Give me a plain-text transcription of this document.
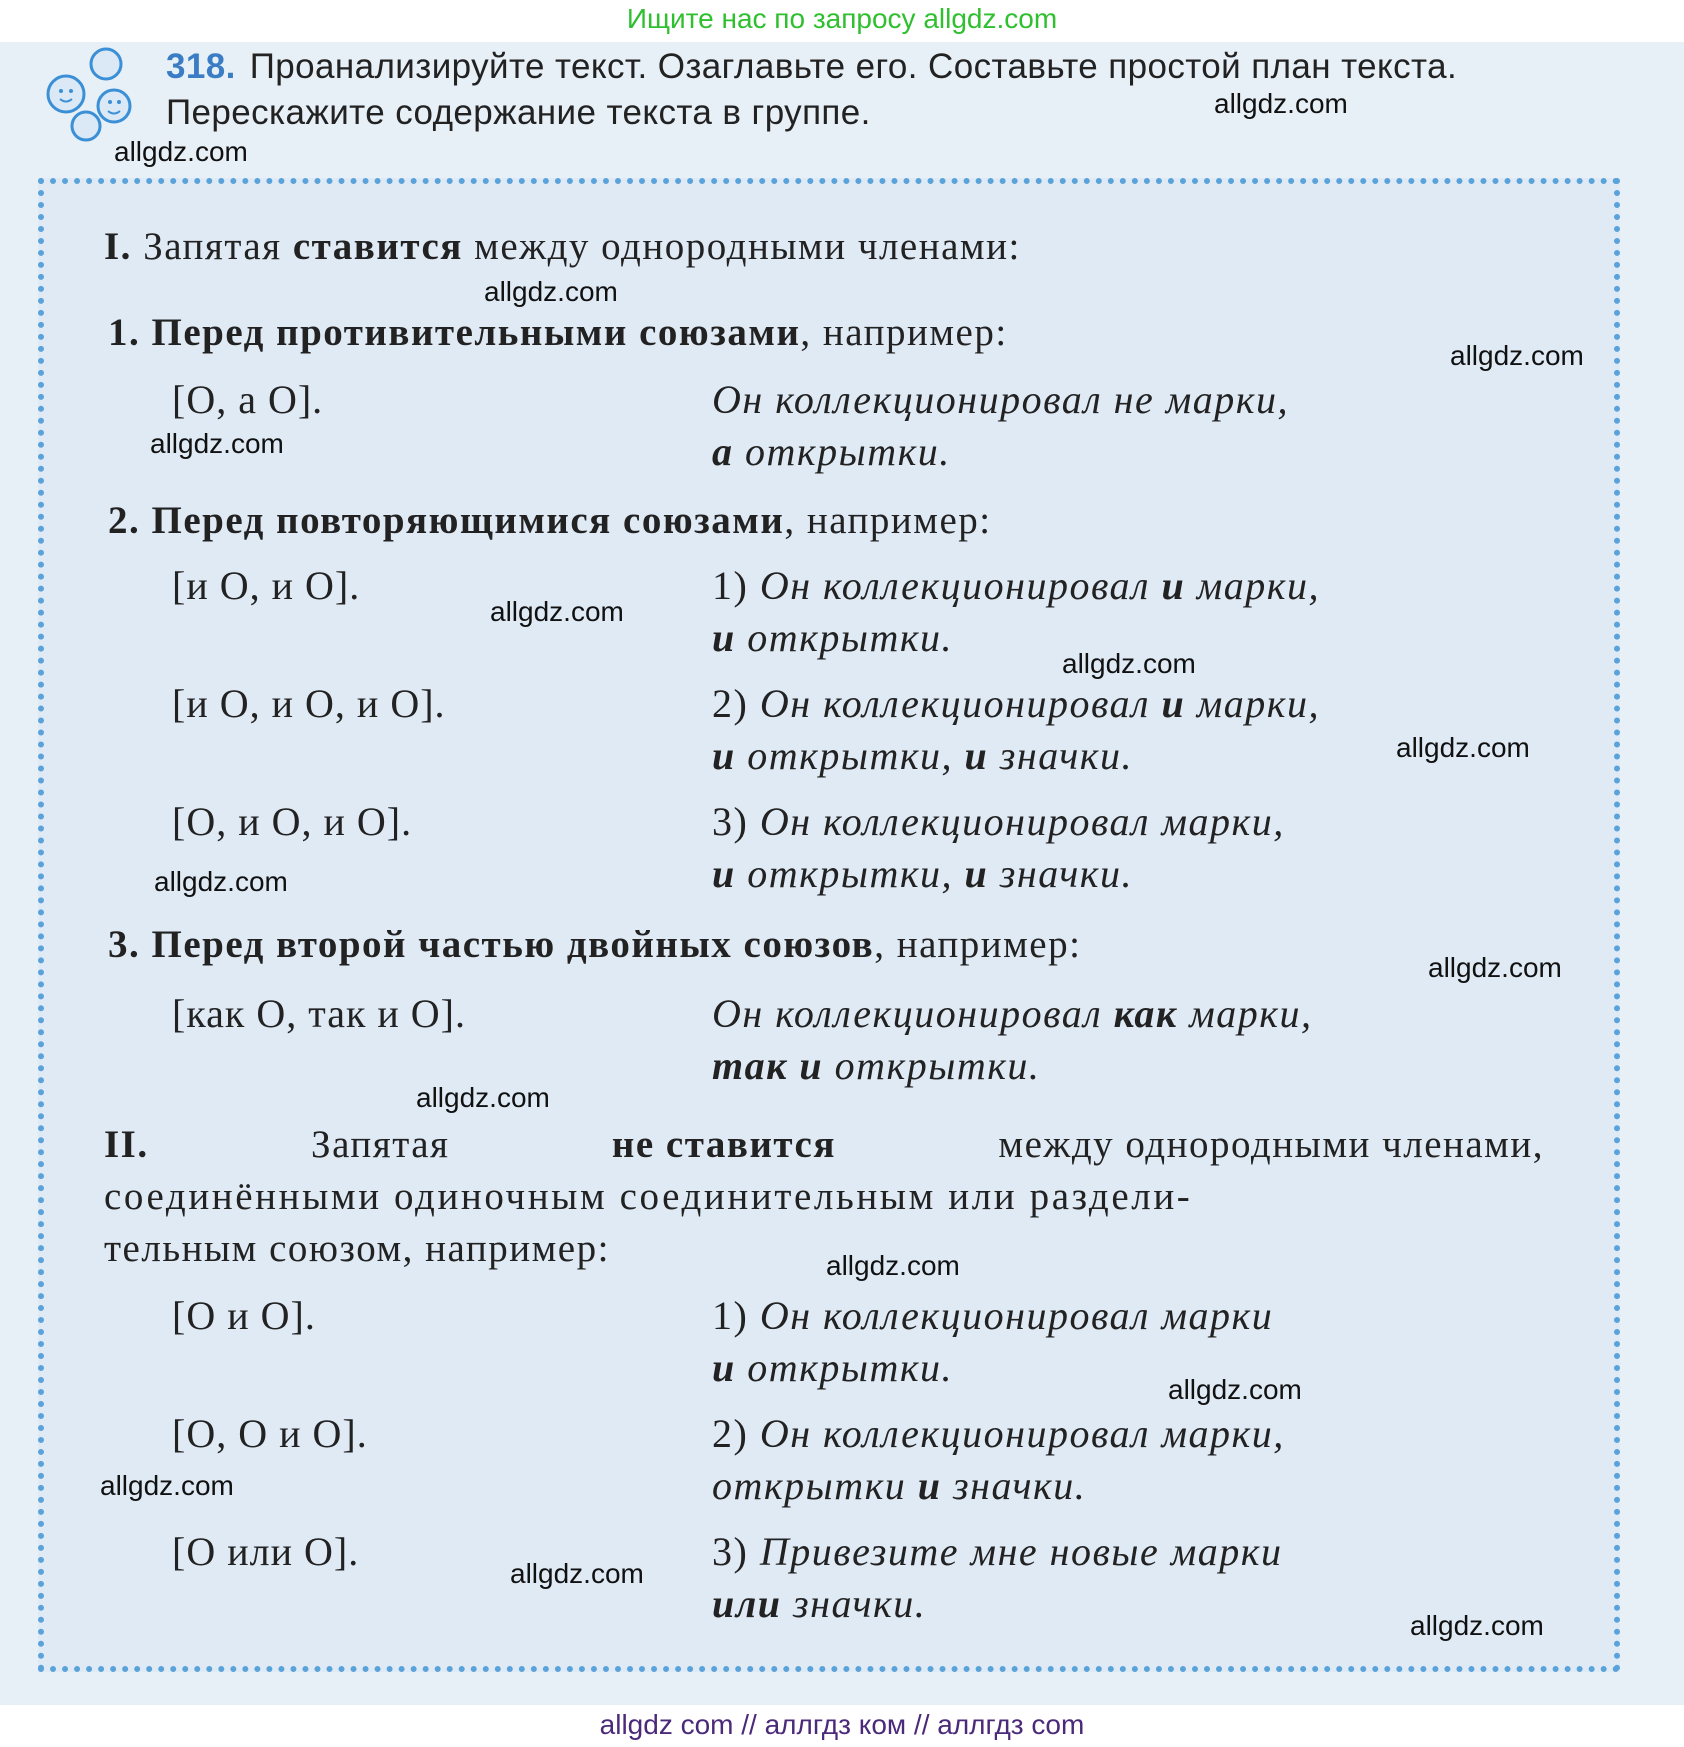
Ищите нас по запросу allgdz.com
318. Проанализируйте текст. Озаглавьте его. Составьте простой план текста.
Перескажите содержание текста в группе.
I. Запятая ставится между однородными членами:
1. Перед противительными союзами, например:
[О, а О].	Он коллекционировал не марки,
а открытки.
2. Перед повторяющимися союзами, например:
[и О, и О].	1) Он коллекционировал и марки,
и открытки.
[и О, и О, и О].	2) Он коллекционировал и марки,
и открытки, и значки.
[О, и О, и О].	3) Он коллекционировал марки,
и открытки, и значки.
3. Перед второй частью двойных союзов, например:
[как О, так и О].	Он коллекционировал как марки,
так и открытки.
II.	Запятая	не ставится	между однородными членами,
соединёнными одиночным соединительным или раздели-
тельным союзом, например:
[О и О].	1) Он коллекционировал марки
и открытки.
[О, О и О].	2) Он коллекционировал марки,
открытки и значки.
[О или О].	3) Привезите мне новые марки
или значки.
allgdz.com
allgdz.com
allgdz.com
allgdz.com
allgdz.com
allgdz.com
allgdz.com
allgdz.com
allgdz.com
allgdz.com
allgdz.com
allgdz.com
allgdz.com
allgdz.com
allgdz.com
allgdz.com
allgdz com // аллгдз ком // аллгдз com
